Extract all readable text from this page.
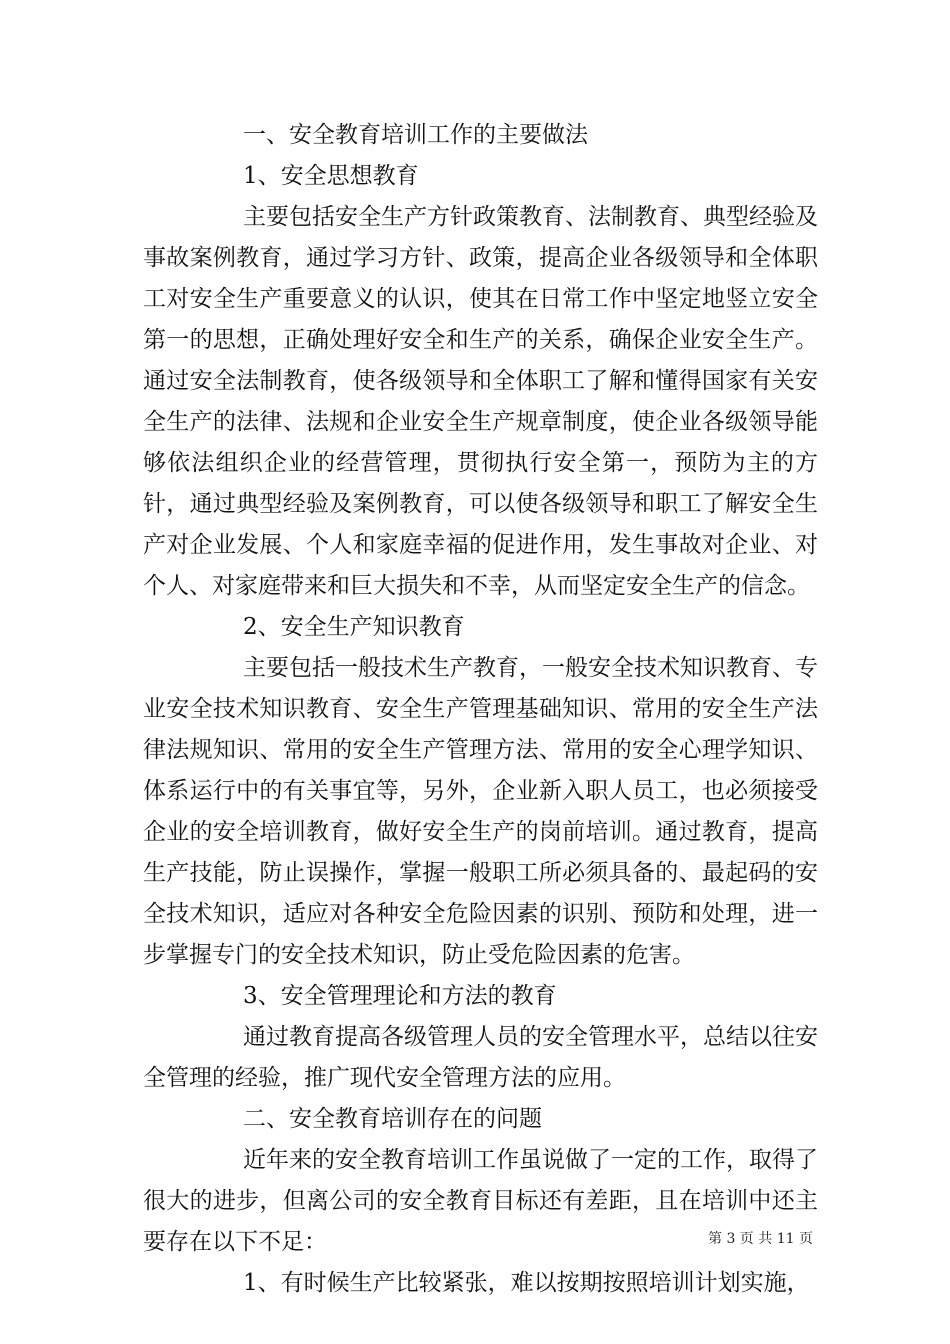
一、安全教育培训工作的主要做法

1、安全思想教育

主要包括安全生产方针政策教育、法制教育、典型经验及事故案例教育，通过学习方针、政策，提高企业各级领导和全体职工对安全生产重要意义的认识，使其在日常工作中坚定地竖立安全第一的思想，正确处理好安全和生产的关系，确保企业安全生产。通过安全法制教育，使各级领导和全体职工了解和懂得国家有关安全生产的法律、法规和企业安全生产规章制度，使企业各级领导能够依法组织企业的经营管理，贯彻执行安全第一，预防为主的方针，通过典型经验及案例教育，可以使各级领导和职工了解安全生产对企业发展、个人和家庭幸福的促进作用，发生事故对企业、对个人、对家庭带来和巨大损失和不幸，从而坚定安全生产的信念。

2、安全生产知识教育

主要包括一般技术生产教育，一般安全技术知识教育、专业安全技术知识教育、安全生产管理基础知识、常用的安全生产法律法规知识、常用的安全生产管理方法、常用的安全心理学知识、体系运行中的有关事宜等，另外，企业新入职人员工，也必须接受企业的安全培训教育，做好安全生产的岗前培训。通过教育，提高生产技能，防止误操作，掌握一般职工所必须具备的、最起码的安全技术知识，适应对各种安全危险因素的识别、预防和处理，进一步掌握专门的安全技术知识，防止受危险因素的危害。

3、安全管理理论和方法的教育

通过教育提高各级管理人员的安全管理水平，总结以往安全管理的经验，推广现代安全管理方法的应用。

二、安全教育培训存在的问题

近年来的安全教育培训工作虽说做了一定的工作，取得了很大的进步，但离公司的安全教育目标还有差距，且在培训中还主要存在以下不足：

1、有时候生产比较紧张，难以按期按照培训计划实施，

第 3 页 共 11 页
